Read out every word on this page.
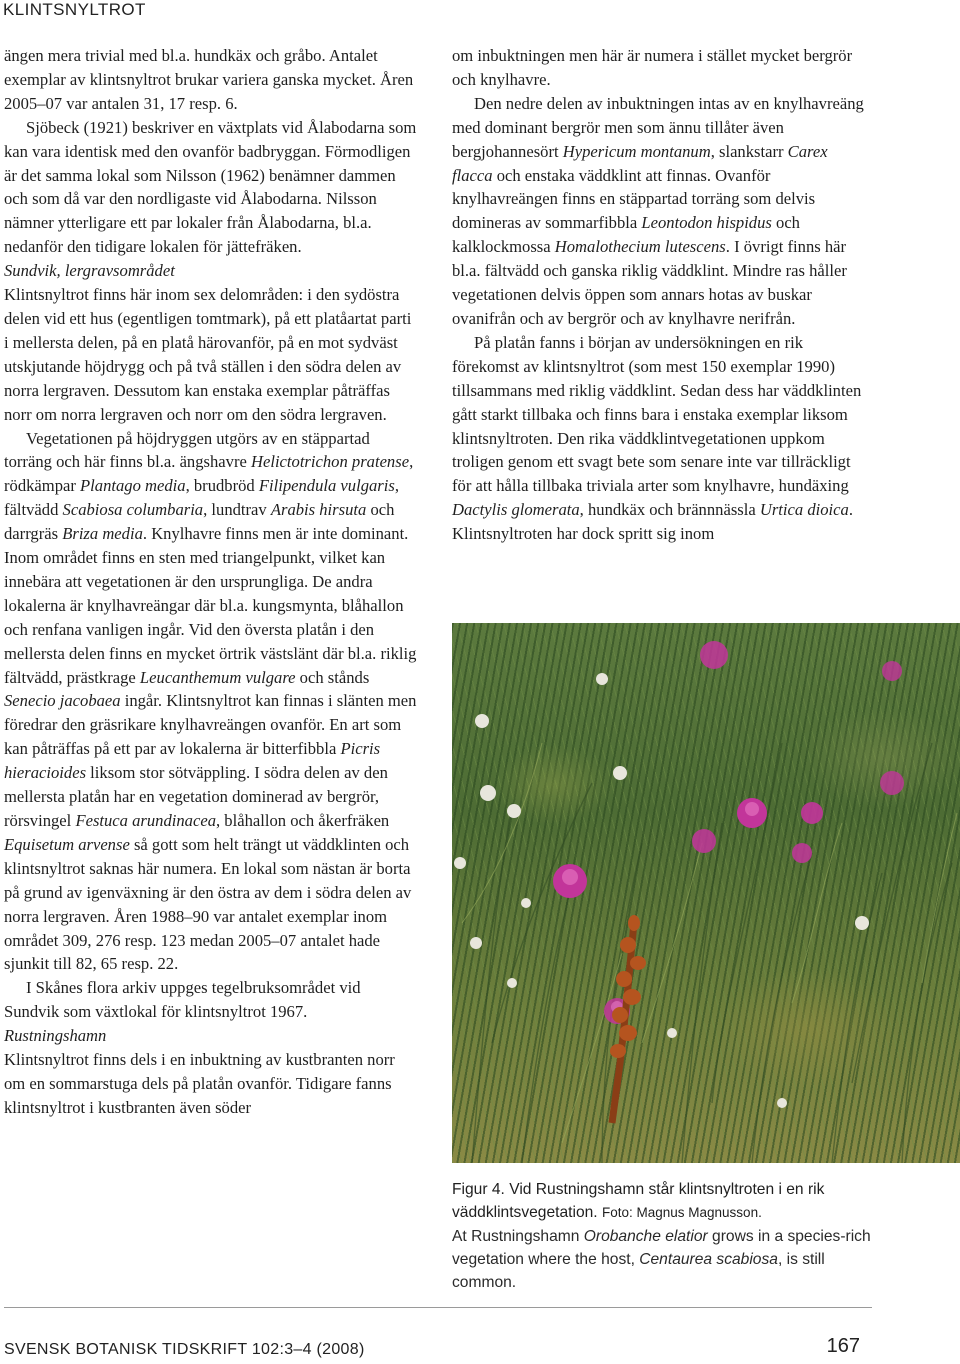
KLINTSNYLTROT

ängen mera trivial med bl.a. hundkäx och gråbo. Antalet exemplar av klintsnyltrot brukar variera ganska mycket. Åren 2005–07 var antalen 31, 17 resp. 6.

Sjöbeck (1921) beskriver en växtplats vid Ålabodarna som kan vara identisk med den ovanför badbryggan. Förmodligen är det samma lokal som Nilsson (1962) benämner dammen och som då var den nordligaste vid Ålabodarna. Nilsson nämner ytterligare ett par lokaler från Ålabodarna, bl.a. nedanför den tidigare lokalen för jättefräken.

Sundvik, lergravsområdet

Klintsnyltrot finns här inom sex delområden: i den sydöstra delen vid ett hus (egentligen tomtmark), på ett platåartat parti i mellersta delen, på en platå härovanför, på en mot sydväst utskjutande höjdrygg och på två ställen i den södra delen av norra lergraven. Dessutom kan enstaka exemplar påträffas norr om norra lergraven och norr om den södra lergraven.

Vegetationen på höjdryggen utgörs av en stäppartad torräng och här finns bl.a. ängshavre Helictotrichon pratense, rödkämpar Plantago media, brudbröd Filipendula vulgaris, fältvädd Scabiosa columbaria, lundtrav Arabis hirsuta och darrgräs Briza media. Knylhavre finns men är inte dominant. Inom området finns en sten med triangelpunkt, vilket kan innebära att vegetationen är den ursprungliga. De andra lokalerna är knylhavreängar där bl.a. kungsmynta, blåhallon och renfana vanligen ingår. Vid den översta platån i den mellersta delen finns en mycket örtrik västslänt där bl.a. riklig fältvädd, prästkrage Leucanthemum vulgare och stånds Senecio jacobaea ingår. Klintsnyltrot kan finnas i slänten men föredrar den gräsrikare knylhavreängen ovanför. En art som kan påträffas på ett par av lokalerna är bitterfibbla Picris hieracioides liksom stor sötväppling. I södra delen av den mellersta platån har en vegetation dominerad av bergrör, rörsvingel Festuca arundinacea, blåhallon och åkerfräken Equisetum arvense så gott som helt trängt ut väddklinten och klintsnyltrot saknas här numera. En lokal som nästan är borta på grund av igenväxning är den östra av dem i södra delen av norra lergraven. Åren 1988–90 var antalet exemplar inom området 309, 276 resp. 123 medan 2005–07 antalet hade sjunkit till 82, 65 resp. 22.

I Skånes flora arkiv uppges tegelbruksområdet vid Sundvik som växtlokal för klintsnyltrot 1967.

Rustningshamn

Klintsnyltrot finns dels i en inbuktning av kustbranten norr om en sommarstuga dels på platån ovanför. Tidigare fanns klintsnyltrot i kustbranten även söder

om inbuktningen men här är numera i stället mycket bergrör och knylhavre.

Den nedre delen av inbuktningen intas av en knylhavreäng med dominant bergrör men som ännu tillåter även bergjohannesört Hypericum montanum, slankstarr Carex flacca och enstaka väddklint att finnas. Ovanför knylhavreängen finns en stäppartad torräng som delvis domineras av sommarfibbla Leontodon hispidus och kalklockmossa Homalothecium lutescens. I övrigt finns här bl.a. fältvädd och ganska riklig väddklint. Mindre ras håller vegetationen delvis öppen som annars hotas av buskar ovanifrån och av bergrör och av knylhavre nerifrån.

På platån fanns i början av undersökningen en rik förekomst av klintsnyltrot (som mest 150 exemplar 1990) tillsammans med riklig väddklint. Sedan dess har väddklinten gått starkt tillbaka och finns bara i enstaka exemplar liksom klintsnyltroten. Den rika väddklintvegetationen uppkom troligen genom ett svagt bete som senare inte var tillräckligt för att hålla tillbaka triviala arter som knylhavre, hundäxing Dactylis glomerata, hundkäx och brännnässla Urtica dioica. Klintsnyltroten har dock spritt sig inom

Figur 4. Vid Rustningshamn står klintsnyltroten i en rik väddklintsvegetation. Foto: Magnus Magnusson.
At Rustningshamn Orobanche elatior grows in a species-rich vegetation where the host, Centaurea scabiosa, is still common.
SVENSK BOTANISK TIDSKRIFT 102:3–4 (2008)	167
